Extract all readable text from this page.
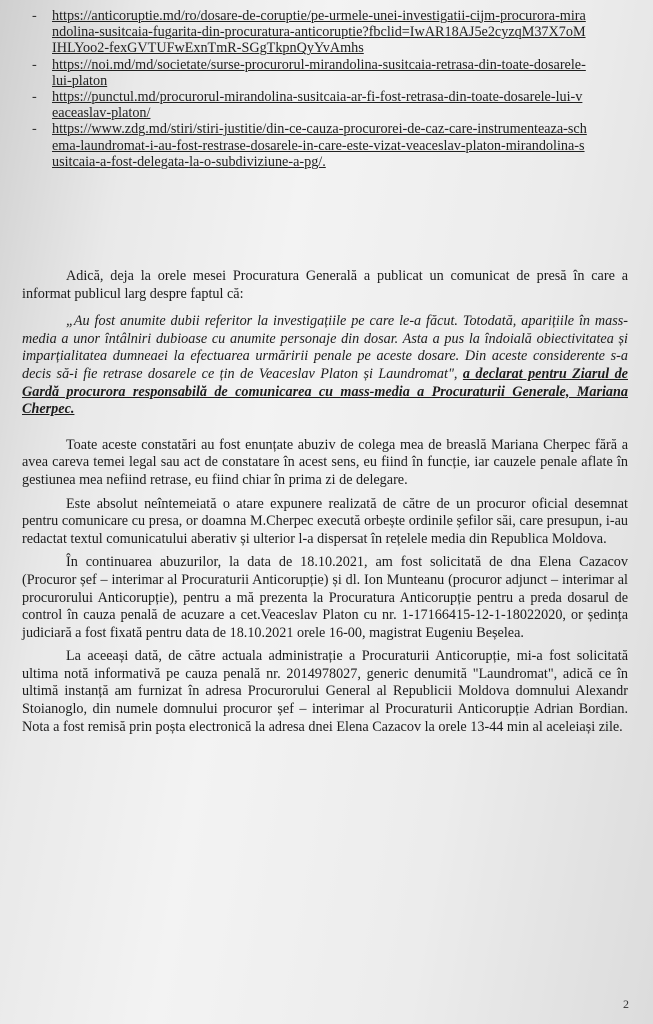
- https://anticoruptie.md/ro/dosare-de-coruptie/pe-urmele-unei-investigatii-cijm-procurora-mirandolina-susitcaia-fugarita-din-procuratura-anticoruptie?fbclid=IwAR18AJ5e2cyzqM37X7oMIHLYoo2-fexGVTUFwExnTmR-SGgTkpnQyYvAmhs
- https://noi.md/md/societate/surse-procurorul-mirandolina-susitcaia-retrasa-din-toate-dosarele-lui-platon
- https://punctul.md/procurorul-mirandolina-susitcaia-ar-fi-fost-retrasa-din-toate-dosarele-lui-veaceaslav-platon/
- https://www.zdg.md/stiri/stiri-justitie/din-ce-cauza-procurorei-de-caz-care-instrumenteaza-schema-laundromat-i-au-fost-restrase-dosarele-in-care-este-vizat-veaceslav-platon-mirandolina-susitcaia-a-fost-delegata-la-o-subdiviziune-a-pg/.

Adică, deja la orele mesei Procuratura Generală a publicat un comunicat de presă în care a informat publicul larg despre faptul că:

„Au fost anumite dubii referitor la investigațiile pe care le-a făcut. Totodată, aparițiile în mass-media a unor întâlniri dubioase cu anumite personaje din dosar. Asta a pus la îndoială obiectivitatea și imparțialitatea dumneaei la efectuarea urmăririi penale pe aceste dosare. Din aceste considerente s-a decis să-i fie retrase dosarele ce țin de Veaceslav Platon și Laundromat", a declarat pentru Ziarul de Gardă procurora responsabilă de comunicarea cu mass-media a Procuraturii Generale, Mariana Cherpec.

Toate aceste constatări au fost enunțate abuziv de colega mea de breaslă Mariana Cherpec fără a avea careva temei legal sau act de constatare în acest sens, eu fiind în funcție, iar cauzele penale aflate în gestiunea mea nefiind retrase, eu fiind chiar în prima zi de delegare.

Este absolut neîntemeiată o atare expunere realizată de către de un procuror oficial desemnat pentru comunicare cu presa, or doamna M.Cherpec execută orbește ordinile șefilor săi, care presupun, i-au redactat textul comunicatului aberativ și ulterior l-a dispersat în rețelele media din Republica Moldova.

În continuarea abuzurilor, la data de 18.10.2021, am fost solicitată de dna Elena Cazacov (Procuror șef – interimar al Procuraturii Anticorupție) și dl. Ion Munteanu (procuror adjunct – interimar al procurorului Anticorupție), pentru a mă prezenta la Procuratura Anticorupție pentru a preda dosarul de control în cauza penală de acuzare a cet.Veaceslav Platon cu nr. 1-17166415-12-1-18022020, or ședința judiciară a fost fixată pentru data de 18.10.2021 orele 16-00, magistrat Eugeniu Beșelea.

La aceeași dată, de către actuala administrație a Procuraturii Anticorupție, mi-a fost solicitată ultima notă informativă pe cauza penală nr. 2014978027, generic denumită "Laundromat", adică ce în ultimă instanță am furnizat în adresa Procurorului General al Republicii Moldova domnului Alexandr Stoianoglo, din numele domnului procuror șef – interimar al Procuraturii Anticorupție Adrian Bordian. Nota a fost remisă prin poșta electronică la adresa dnei Elena Cazacov la orele 13-44 min al aceleiași zile.

2
